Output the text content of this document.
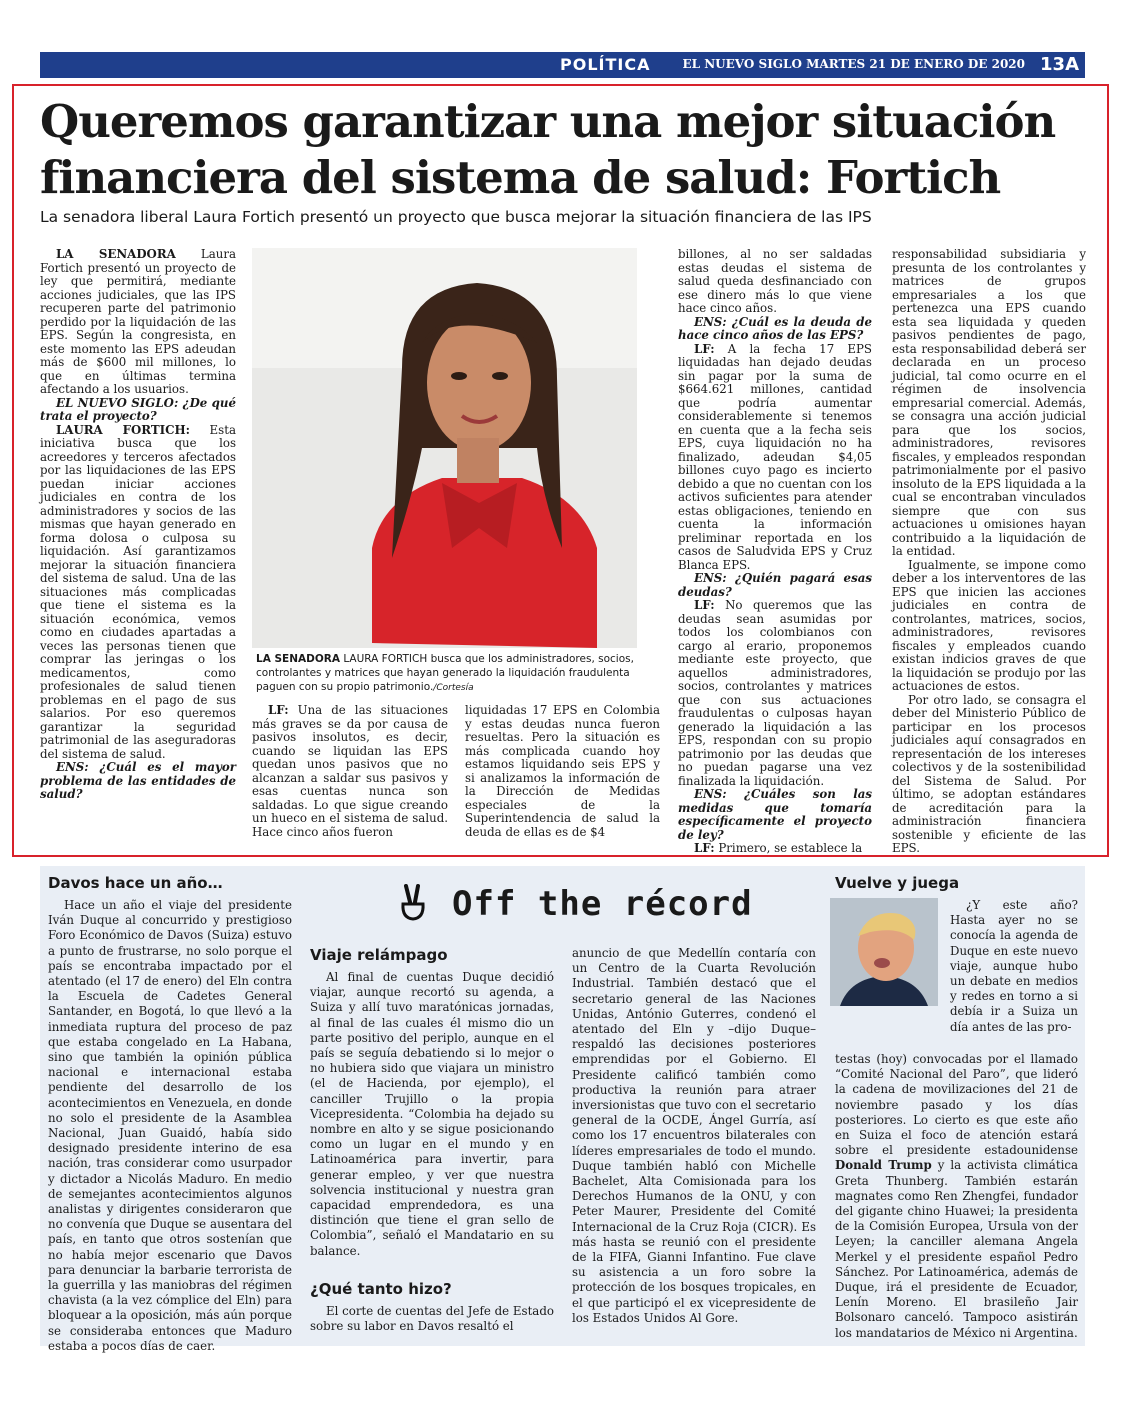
POLÍTICA	EL NUEVO SIGLO MARTES 21 DE ENERO DE 2020 13A
Queremos garantizar una mejor situación financiera del sistema de salud: Fortich

La senadora liberal Laura Fortich presentó un proyecto que busca mejorar la situación financiera de las IPS

LA SENADORA Laura Fortich presentó un proyecto de ley que permitirá, mediante acciones judiciales, que las IPS recuperen parte del patrimonio perdido por la liquidación de las EPS. Según la congresista, en este momento las EPS adeudan más de $600 mil millones, lo que en últimas termina afectando a los usuarios.

EL NUEVO SIGLO: ¿De qué trata el proyecto?

LAURA FORTICH: Esta iniciativa busca que los acreedores y terceros afectados por las liquidaciones de las EPS puedan iniciar acciones judiciales en contra de los administradores y socios de las mismas que hayan generado en forma dolosa o culposa su liquidación. Así garantizamos mejorar la situación financiera del sistema de salud. Una de las situaciones más complicadas que tiene el sistema es la situación económica, vemos como en ciudades apartadas a veces las personas tienen que comprar las jeringas o los medicamentos, como profesionales de salud tienen problemas en el pago de sus salarios. Por eso queremos garantizar la seguridad patrimonial de las aseguradoras del sistema de salud.

ENS: ¿Cuál es el mayor problema de las entidades de salud?

LA SENADORA LAURA FORTICH busca que los administradores, socios, controlantes y matrices que hayan generado la liquidación fraudulenta paguen con su propio patrimonio./Cortesía

LF: Una de las situaciones más graves se da por causa de pasivos insolutos, es decir, cuando se liquidan las EPS quedan unos pasivos que no alcanzan a saldar sus pasivos y esas cuentas nunca son saldadas. Lo que sigue creando un hueco en el sistema de salud. Hace cinco años fueron

liquidadas 17 EPS en Colombia y estas deudas nunca fueron resueltas. Pero la situación es más complicada cuando hoy estamos liquidando seis EPS y si analizamos la información de la Dirección de Medidas especiales de la Superintendencia de salud la deuda de ellas es de $4

billones, al no ser saldadas estas deudas el sistema de salud queda desfinanciado con ese dinero más lo que viene hace cinco años.

ENS: ¿Cuál es la deuda de hace cinco años de las EPS?

LF: A la fecha 17 EPS liquidadas han dejado deudas sin pagar por la suma de $664.621 millones, cantidad que podría aumentar considerablemente si tenemos en cuenta que a la fecha seis EPS, cuya liquidación no ha finalizado, adeudan $4,05 billones cuyo pago es incierto debido a que no cuentan con los activos suficientes para atender estas obligaciones, teniendo en cuenta la información preliminar reportada en los casos de Saludvida EPS y Cruz Blanca EPS.

ENS: ¿Quién pagará esas deudas?

LF: No queremos que las deudas sean asumidas por todos los colombianos con cargo al erario, proponemos mediante este proyecto, que aquellos administradores, socios, controlantes y matrices que con sus actuaciones fraudulentas o culposas hayan generado la liquidación a las EPS, respondan con su propio patrimonio por las deudas que no puedan pagarse una vez finalizada la liquidación.

ENS: ¿Cuáles son las medidas que tomaría específicamente el proyecto de ley?

LF: Primero, se establece la

responsabilidad subsidiaria y presunta de los controlantes y matrices de grupos empresariales a los que pertenezca una EPS cuando esta sea liquidada y queden pasivos pendientes de pago, esta responsabilidad deberá ser declarada en un proceso judicial, tal como ocurre en el régimen de insolvencia empresarial comercial. Además, se consagra una acción judicial para que los socios, administradores, revisores fiscales, y empleados respondan patrimonialmente por el pasivo insoluto de la EPS liquidada a la cual se encontraban vinculados siempre que con sus actuaciones u omisiones hayan contribuido a la liquidación de la entidad.

Igualmente, se impone como deber a los interventores de las EPS que inicien las acciones judiciales en contra de controlantes, matrices, socios, administradores, revisores fiscales y empleados cuando existan indicios graves de que la liquidación se produjo por las actuaciones de estos.

Por otro lado, se consagra el deber del Ministerio Público de participar en los procesos judiciales aquí consagrados en representación de los intereses colectivos y de la sostenibilidad del Sistema de Salud. Por último, se adoptan estándares de acreditación para la administración financiera sostenible y eficiente de las EPS.

Davos hace un año…

Hace un año el viaje del presidente Iván Duque al concurrido y prestigioso Foro Económico de Davos (Suiza) estuvo a punto de frustrarse, no solo porque el país se encontraba impactado por el atentado (el 17 de enero) del Eln contra la Escuela de Cadetes General Santander, en Bogotá, lo que llevó a la inmediata ruptura del proceso de paz que estaba congelado en La Habana, sino que también la opinión pública nacional e internacional estaba pendiente del desarrollo de los acontecimientos en Venezuela, en donde no solo el presidente de la Asamblea Nacional, Juan Guaidó, había sido designado presidente interino de esa nación, tras considerar como usurpador y dictador a Nicolás Maduro. En medio de semejantes acontecimientos algunos analistas y dirigentes consideraron que no convenía que Duque se ausentara del país, en tanto que otros sostenían que no había mejor escenario que Davos para denunciar la barbarie terrorista de la guerrilla y las maniobras del régimen chavista (a la vez cómplice del Eln) para bloquear a la oposición, más aún porque se consideraba entonces que Maduro estaba a pocos días de caer.

Off the récord
Viaje relámpago

Al final de cuentas Duque decidió viajar, aunque recortó su agenda, a Suiza y allí tuvo maratónicas jornadas, al final de las cuales él mismo dio un parte positivo del periplo, aunque en el país se seguía debatiendo si lo mejor o no hubiera sido que viajara un ministro (el de Hacienda, por ejemplo), el canciller Trujillo o la propia Vicepresidenta. “Colombia ha dejado su nombre en alto y se sigue posicionando como un lugar en el mundo y en Latinoamérica para invertir, para generar empleo, y ver que nuestra solvencia institucional y nuestra gran capacidad emprendedora, es una distinción que tiene el gran sello de Colombia”, señaló el Mandatario en su balance.

¿Qué tanto hizo?

El corte de cuentas del Jefe de Estado sobre su labor en Davos resaltó el

anuncio de que Medellín contaría con un Centro de la Cuarta Revolución Industrial. También destacó que el secretario general de las Naciones Unidas, António Guterres, condenó el atentado del Eln y –dijo Duque– respaldó las decisiones posteriores emprendidas por el Gobierno. El Presidente calificó también como productiva la reunión para atraer inversionistas que tuvo con el secretario general de la OCDE, Ángel Gurría, así como los 17 encuentros bilaterales con líderes empresariales de todo el mundo. Duque también habló con Michelle Bachelet, Alta Comisionada para los Derechos Humanos de la ONU, y con Peter Maurer, Presidente del Comité Internacional de la Cruz Roja (CICR). Es más hasta se reunió con el presidente de la FIFA, Gianni Infantino. Fue clave su asistencia a un foro sobre la protección de los bosques tropicales, en el que participó el ex vicepresidente de los Estados Unidos Al Gore.

Vuelve y juega

¿Y este año? Hasta ayer no se conocía la agenda de Duque en este nuevo viaje, aunque hubo un debate en medios y redes en torno a si debía ir a Suiza un día antes de las pro-

testas (hoy) convocadas por el llamado “Comité Nacional del Paro”, que lideró la cadena de movilizaciones del 21 de noviembre pasado y los días posteriores. Lo cierto es que este año en Suiza el foco de atención estará sobre el presidente estadounidense Donald Trump y la activista climática Greta Thunberg. También estarán magnates como Ren Zhengfei, fundador del gigante chino Huawei; la presidenta de la Comisión Europea, Ursula von der Leyen; la canciller alemana Angela Merkel y el presidente español Pedro Sánchez. Por Latinoamérica, además de Duque, irá el presidente de Ecuador, Lenín Moreno. El brasileño Jair Bolsonaro canceló. Tampoco asistirán los mandatarios de México ni Argentina.
